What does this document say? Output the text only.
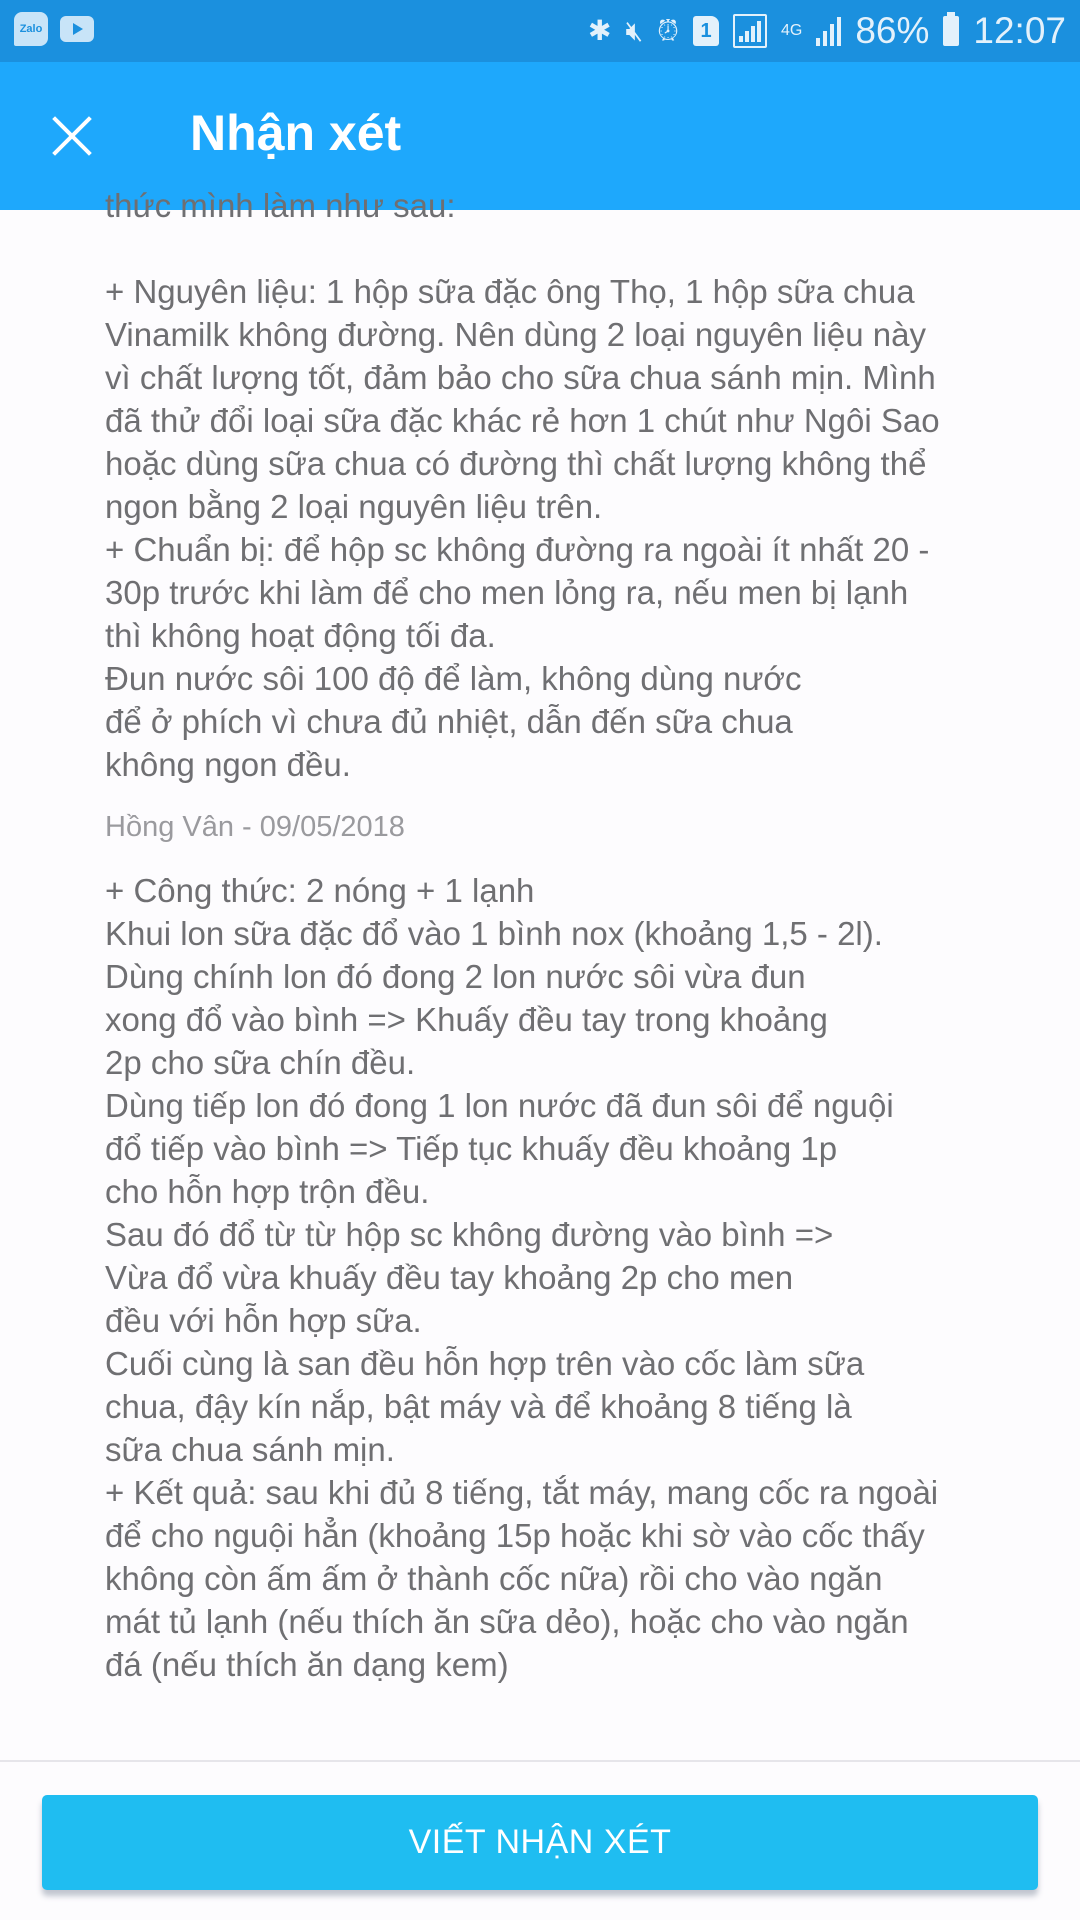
Zalo	✱ 🔇︎ ⏰︎	1	4G 86% 12:07
Nhận xét
thức mình làm như sau:
+ Nguyên liệu: 1 hộp sữa đặc ông Thọ, 1 hộp sữa chua
Vinamilk không đường. Nên dùng 2 loại nguyên liệu này
vì chất lượng tốt, đảm bảo cho sữa chua sánh mịn. Mình
đã thử đổi loại sữa đặc khác rẻ hơn 1 chút như Ngôi Sao
hoặc dùng sữa chua có đường thì chất lượng không thể
ngon bằng 2 loại nguyên liệu trên.
+ Chuẩn bị: để hộp sc không đường ra ngoài ít nhất 20 -
30p trước khi làm để cho men lỏng ra, nếu men bị lạnh
thì không hoạt động tối đa.
Đun nước sôi 100 độ để làm, không dùng nước
để ở phích vì chưa đủ nhiệt, dẫn đến sữa chua
không ngon đều.
Hồng Vân - 09/05/2018
+ Công thức: 2 nóng + 1 lạnh
Khui lon sữa đặc đổ vào 1 bình nox (khoảng 1,5 - 2l).
Dùng chính lon đó đong 2 lon nước sôi vừa đun
xong đổ vào bình => Khuấy đều tay trong khoảng
2p cho sữa chín đều.
Dùng tiếp lon đó đong 1 lon nước đã đun sôi để nguội
đổ tiếp vào bình => Tiếp tục khuấy đều khoảng 1p
cho hỗn hợp trộn đều.
Sau đó đổ từ từ hộp sc không đường vào bình =>
Vừa đổ vừa khuấy đều tay khoảng 2p cho men
đều với hỗn hợp sữa.
Cuối cùng là san đều hỗn hợp trên vào cốc làm sữa
chua, đậy kín nắp, bật máy và để khoảng 8 tiếng là
sữa chua sánh mịn.
+ Kết quả: sau khi đủ 8 tiếng, tắt máy, mang cốc ra ngoài
để cho nguội hẳn (khoảng 15p hoặc khi sờ vào cốc thấy
không còn ấm ấm ở thành cốc nữa) rồi cho vào ngăn
mát tủ lạnh (nếu thích ăn sữa dẻo), hoặc cho vào ngăn
đá (nếu thích ăn dạng kem)
VIẾT NHẬN XÉT
